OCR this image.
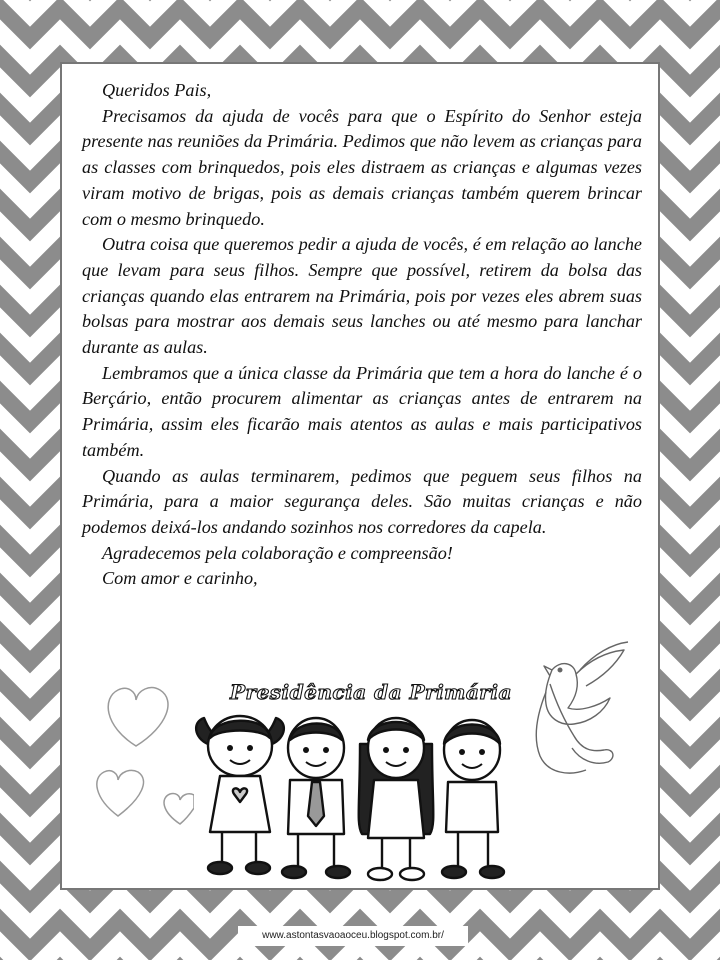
Queridos Pais,

Precisamos da ajuda de vocês para que o Espírito do Senhor esteja presente nas reuniões da Primária. Pedimos que não levem as crianças para as classes com brinquedos, pois eles distraem as crianças e algumas vezes viram motivo de brigas, pois as demais crianças também querem brincar com o mesmo brinquedo.

Outra coisa que queremos pedir a ajuda de vocês, é em relação ao lanche que levam para seus filhos. Sempre que possível, retirem da bolsa das crianças quando elas entrarem na Primária, pois por vezes eles abrem suas bolsas para mostrar aos demais seus lanches ou até mesmo para lanchar durante as aulas.

Lembramos que a única classe da Primária que tem a hora do lanche é o Berçário, então procurem alimentar as crianças antes de entrarem na Primária, assim eles ficarão mais atentos as aulas e mais participativos também.

Quando as aulas terminarem, pedimos que peguem seus filhos na Primária, para a maior segurança deles. São muitas crianças e não podemos deixá-los andando sozinhos nos corredores da capela.

Agradecemos pela colaboração e compreensão!

Com amor e carinho,

Presidência da Primária
www.astontasvaoaoceu.blogspot.com.br/
